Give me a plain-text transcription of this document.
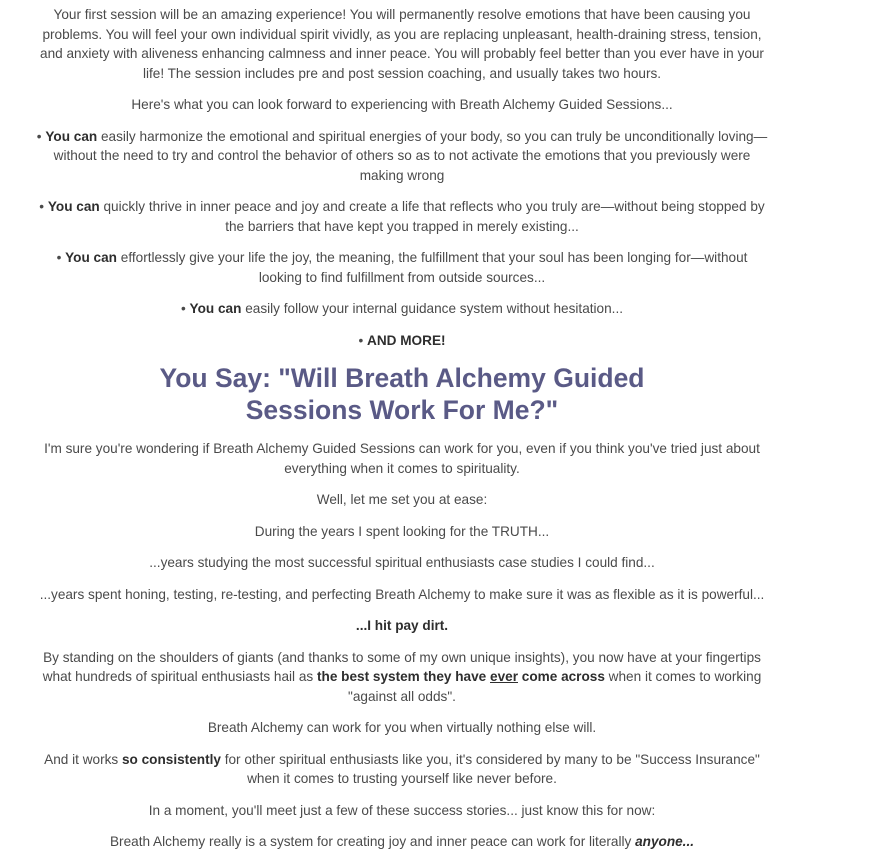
Your first session will be an amazing experience! You will permanently resolve emotions that have been causing you problems. You will feel your own individual spirit vividly, as you are replacing unpleasant, health-draining stress, tension, and anxiety with aliveness enhancing calmness and inner peace. You will probably feel better than you ever have in your life! The session includes pre and post session coaching, and usually takes two hours.

Here's what you can look forward to experiencing with Breath Alchemy Guided Sessions...

• You can easily harmonize the emotional and spiritual energies of your body, so you can truly be unconditionally loving—without the need to try and control the behavior of others so as to not activate the emotions that you previously were making wrong

• You can quickly thrive in inner peace and joy and create a life that reflects who you truly are—without being stopped by the barriers that have kept you trapped in merely existing...

• You can effortlessly give your life the joy, the meaning, the fulfillment that your soul has been longing for—without looking to find fulfillment from outside sources...

• You can easily follow your internal guidance system without hesitation...

• AND MORE!

You Say: "Will Breath Alchemy Guided Sessions Work For Me?"

I'm sure you're wondering if Breath Alchemy Guided Sessions can work for you, even if you think you've tried just about everything when it comes to spirituality.

Well, let me set you at ease:

During the years I spent looking for the TRUTH...

...years studying the most successful spiritual enthusiasts case studies I could find...

...years spent honing, testing, re-testing, and perfecting Breath Alchemy to make sure it was as flexible as it is powerful...

...I hit pay dirt.

By standing on the shoulders of giants (and thanks to some of my own unique insights), you now have at your fingertips what hundreds of spiritual enthusiasts hail as the best system they have ever come across when it comes to working "against all odds".

Breath Alchemy can work for you when virtually nothing else will.

And it works so consistently for other spiritual enthusiasts like you, it's considered by many to be "Success Insurance" when it comes to trusting yourself like never before.

In a moment, you'll meet just a few of these success stories... just know this for now:

Breath Alchemy really is a system for creating joy and inner peace can work for literally anyone...
